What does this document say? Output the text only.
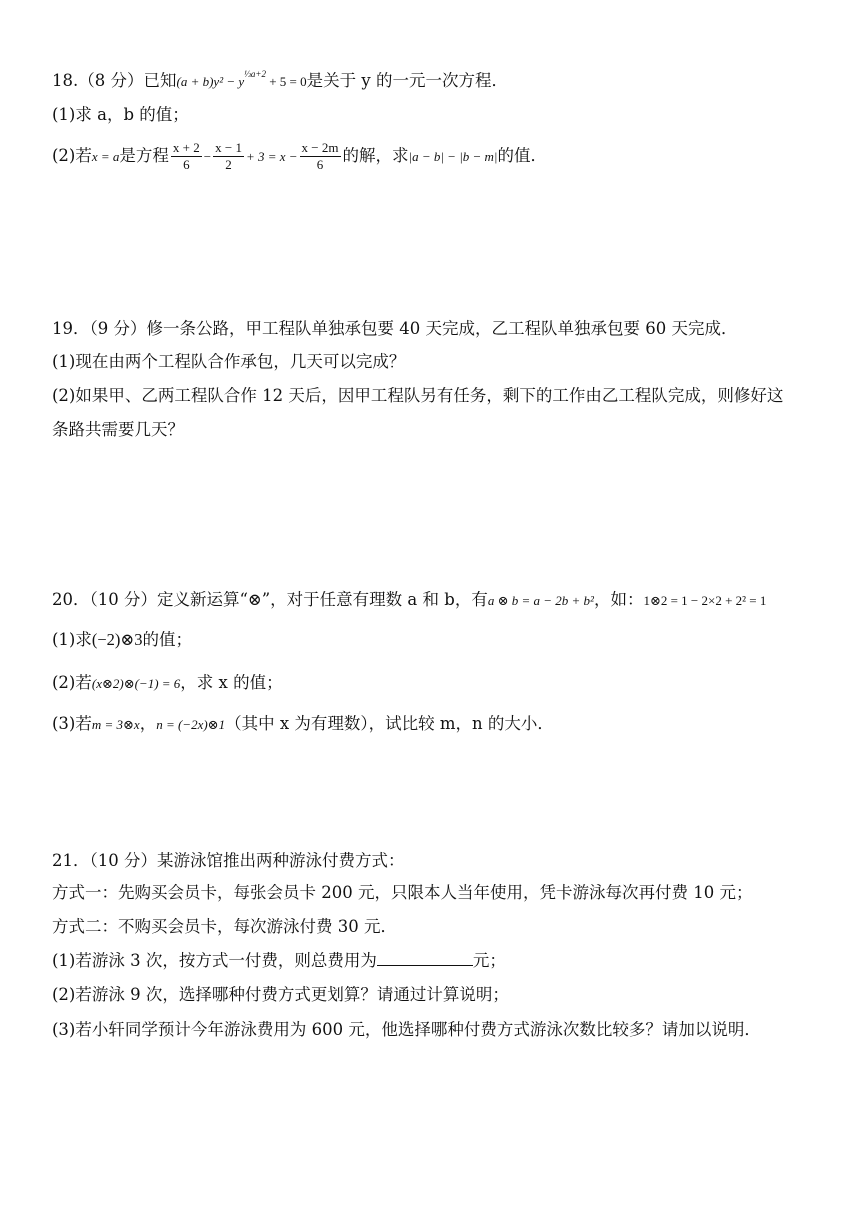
18.（8 分）已知$(a + b)y^2 - y^{\frac{1}{3}a+2} + 5 = 0$是关于 y 的一元一次方程．
(1)求 a，b 的值；
(2)若x = a是方程 $\frac{x + 2}{6} - \frac{x - 1}{2} + 3 = x - \frac{x - 2m}{6}$ 的解，求|a − b| − |b − m|的值．
19．（9 分）修一条公路，甲工程队单独承包要 40 天完成，乙工程队单独承包要 60 天完成．
(1)现在由两个工程队合作承包，几天可以完成？
(2)如果甲、乙两工程队合作 12 天后，因甲工程队另有任务，剩下的工作由乙工程队完成，则修好这
条路共需要几天？
20．（10 分）定义新运算“⊗”，对于任意有理数 a 和 b，有a ⊗ b = a − 2b + b²，如：1⊗2 = 1 − 2×2 + 2² = 1
(1)求(−2)⊗3的值；
(2)若(x⊗2)⊗(−1) = 6，求 x 的值；
(3)若m = 3⊗x，n = (−2x)⊗1（其中 x 为有理数），试比较 m，n 的大小．
21．（10 分）某游泳馆推出两种游泳付费方式：
方式一：先购买会员卡，每张会员卡 200 元，只限本人当年使用，凭卡游泳每次再付费 10 元；
方式二：不购买会员卡，每次游泳付费 30 元．
(1)若游泳 3 次，按方式一付费，则总费用为	元；
(2)若游泳 9 次，选择哪种付费方式更划算？请通过计算说明；
(3)若小轩同学预计今年游泳费用为 600 元，他选择哪种付费方式游泳次数比较多？请加以说明．
